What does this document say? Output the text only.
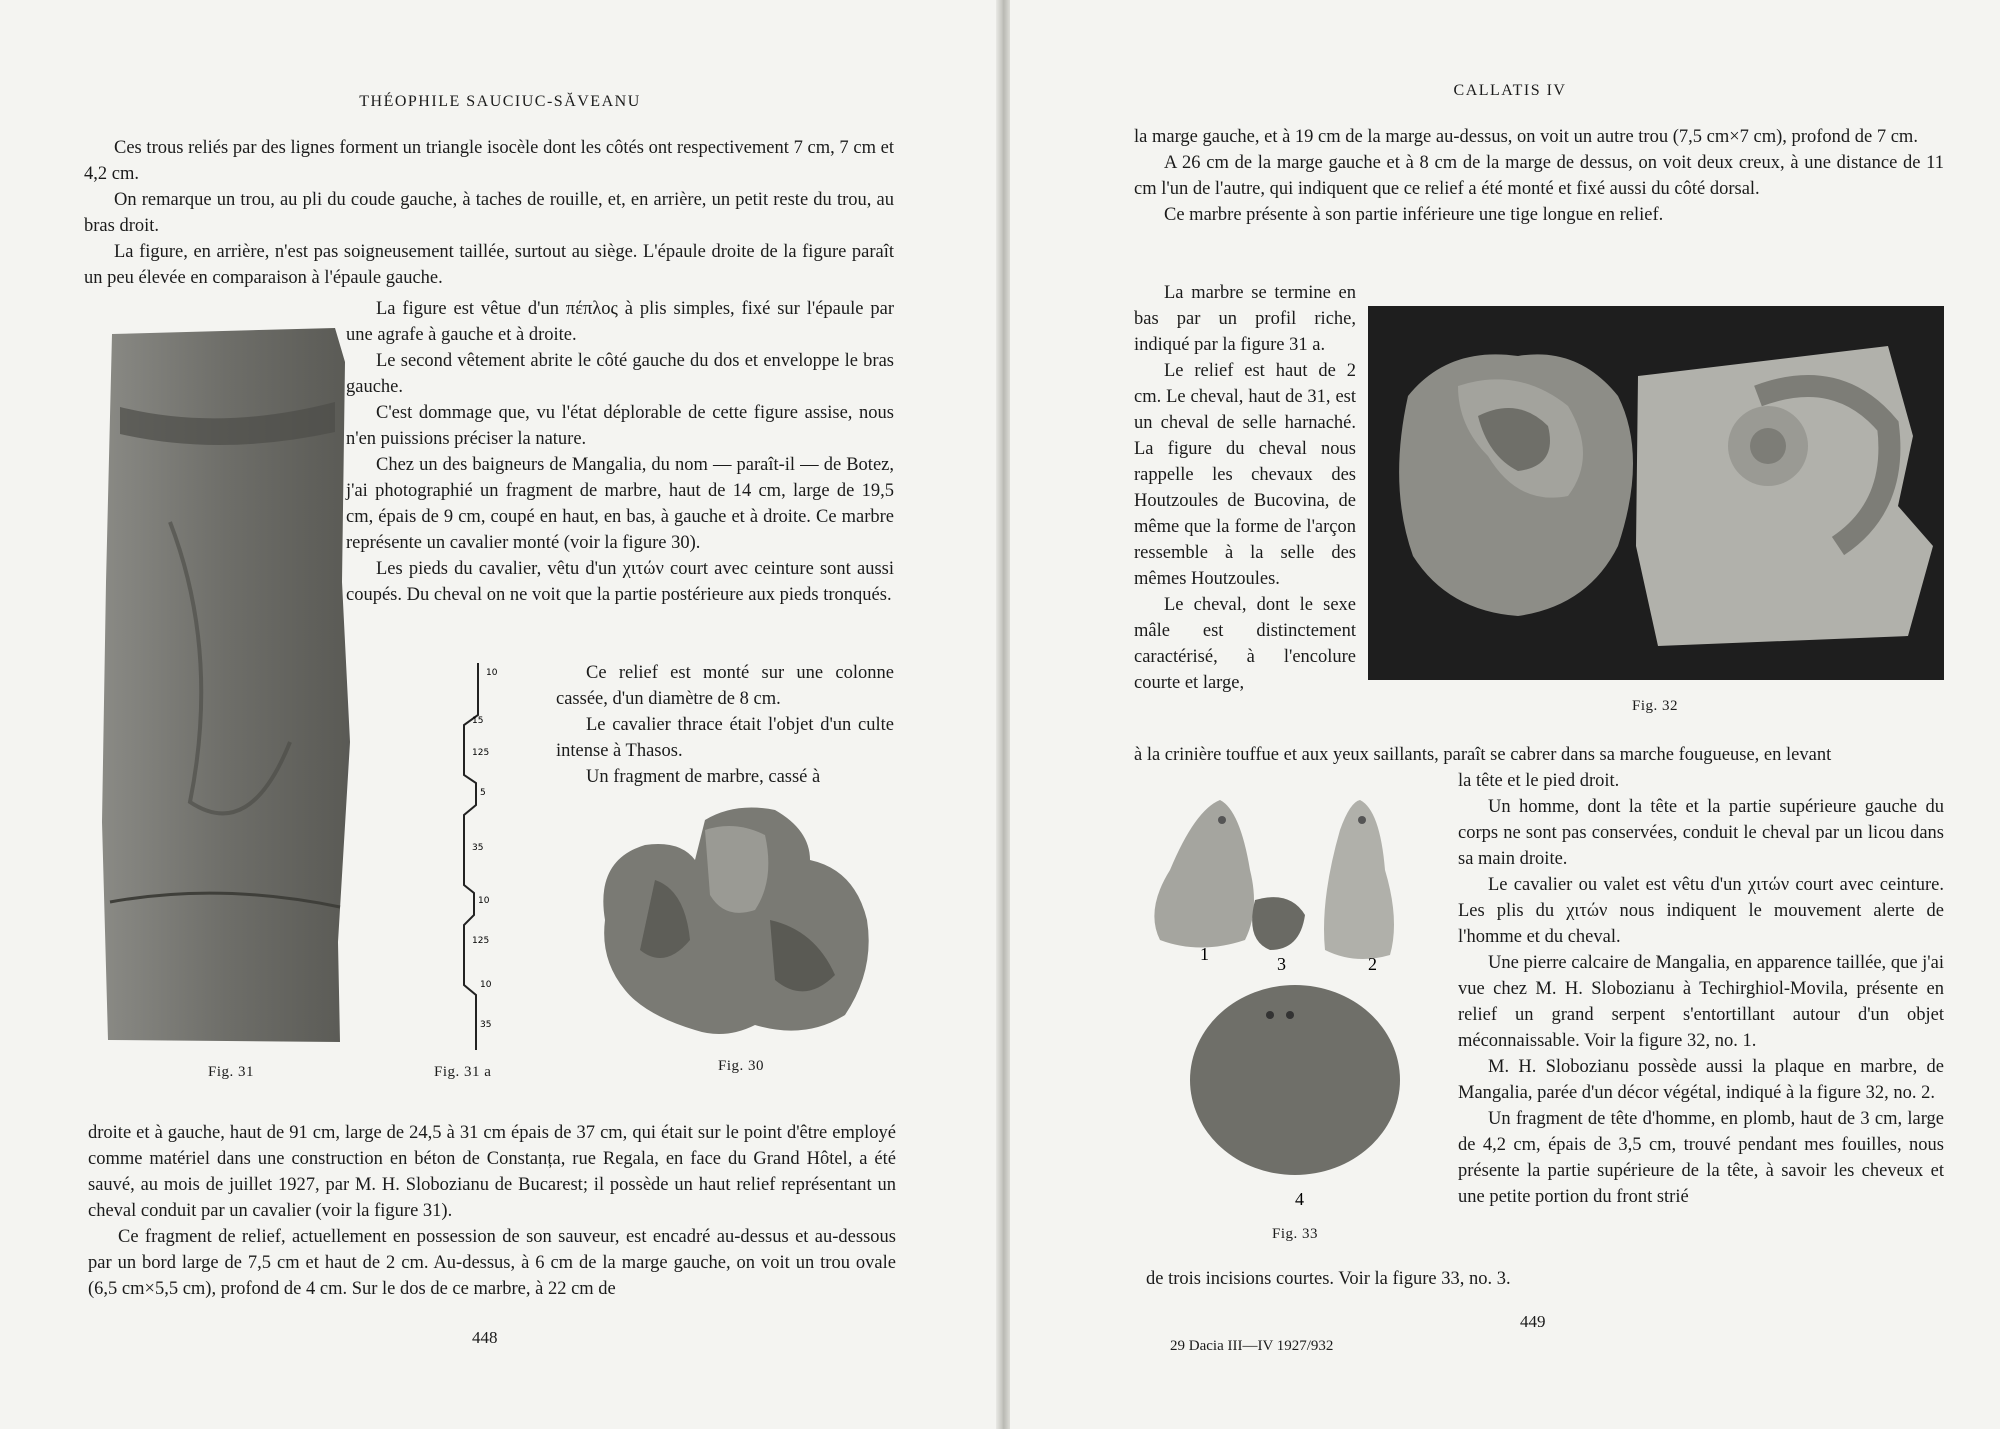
THÉOPHILE SAUCIUC-SĂVEANU

Ces trous reliés par des lignes forment un triangle isocèle dont les côtés ont respectivement 7 cm, 7 cm et 4,2 cm.

On remarque un trou, au pli du coude gauche, à taches de rouille, et, en arrière, un petit reste du trou, au bras droit.

La figure, en arrière, n'est pas soigneusement taillée, surtout au siège. L'épaule droite de la figure paraît un peu élevée en comparaison à l'épaule gauche.

La figure est vêtue d'un πέπλος à plis simples, fixé sur l'épaule par une agrafe à gauche et à droite.

Le second vêtement abrite le côté gauche du dos et enveloppe le bras gauche.

C'est dommage que, vu l'état déplorable de cette figure assise, nous n'en puissions préciser la nature.

Chez un des baigneurs de Mangalia, du nom — paraît-il — de Botez, j'ai photographié un fragment de marbre, haut de 14 cm, large de 19,5 cm, épais de 9 cm, coupé en haut, en bas, à gauche et à droite. Ce marbre représente un cavalier monté (voir la figure 30).

Les pieds du cavalier, vêtu d'un χιτών court avec ceinture sont aussi coupés. Du cheval on ne voit que la partie postérieure aux pieds tronqués.

10
15
125
5
35
10
125
10
35

Ce relief est monté sur une colonne cassée, d'un diamètre de 8 cm.

Le cavalier thrace était l'objet d'un culte intense à Thasos.

Un fragment de marbre, cassé à

Fig. 31	Fig. 31 a	Fig. 30

droite et à gauche, haut de 91 cm, large de 24,5 à 31 cm épais de 37 cm, qui était sur le point d'être employé comme matériel dans une construction en béton de Constanța, rue Regala, en face du Grand Hôtel, a été sauvé, au mois de juillet 1927, par M. H. Slobozianu de Bucarest; il possède un haut relief représentant un cheval conduit par un cavalier (voir la figure 31).

Ce fragment de relief, actuellement en possession de son sauveur, est encadré au-dessus et au-dessous par un bord large de 7,5 cm et haut de 2 cm. Au-dessus, à 6 cm de la marge gauche, on voit un trou ovale (6,5 cm×5,5 cm), profond de 4 cm. Sur le dos de ce marbre, à 22 cm de

448
CALLATIS IV

la marge gauche, et à 19 cm de la marge au-dessus, on voit un autre trou (7,5 cm×7 cm), profond de 7 cm.

A 26 cm de la marge gauche et à 8 cm de la marge de dessus, on voit deux creux, à une distance de 11 cm l'un de l'autre, qui indiquent que ce relief a été monté et fixé aussi du côté dorsal.

Ce marbre présente à son partie inférieure une tige longue en relief.

La marbre se termine en bas par un profil riche, indiqué par la figure 31 a.

Le relief est haut de 2 cm. Le cheval, haut de 31, est un cheval de selle harnaché. La figure du cheval nous rappelle les chevaux des Houtzoules de Bucovina, de même que la forme de l'arçon ressemble à la selle des mêmes Houtzoules.

Le cheval, dont le sexe mâle est distinctement caractérisé, à l'encolure courte et large,

Fig. 32

à la crinière touffue et aux yeux saillants, paraît se cabrer dans sa marche fougueuse, en levant

1	3	2
4
Fig. 33

la tête et le pied droit.

Un homme, dont la tête et la partie supérieure gauche du corps ne sont pas conservées, conduit le cheval par un licou dans sa main droite.

Le cavalier ou valet est vêtu d'un χιτών court avec ceinture. Les plis du χιτών nous indiquent le mouvement alerte de l'homme et du cheval.

Une pierre calcaire de Mangalia, en apparence taillée, que j'ai vue chez M. H. Slobozianu à Techirghiol-Movila, présente en relief un grand serpent s'entortillant autour d'un objet méconnaissable. Voir la figure 32, no. 1.

M. H. Slobozianu possède aussi la plaque en marbre, de Mangalia, parée d'un décor végétal, indiqué à la figure 32, no. 2.

Un fragment de tête d'homme, en plomb, haut de 3 cm, large de 4,2 cm, épais de 3,5 cm, trouvé pendant mes fouilles, nous présente la partie supérieure de la tête, à savoir les cheveux et une petite portion du front strié

de trois incisions courtes. Voir la figure 33, no. 3.

449
29 Dacia III—IV 1927/932
